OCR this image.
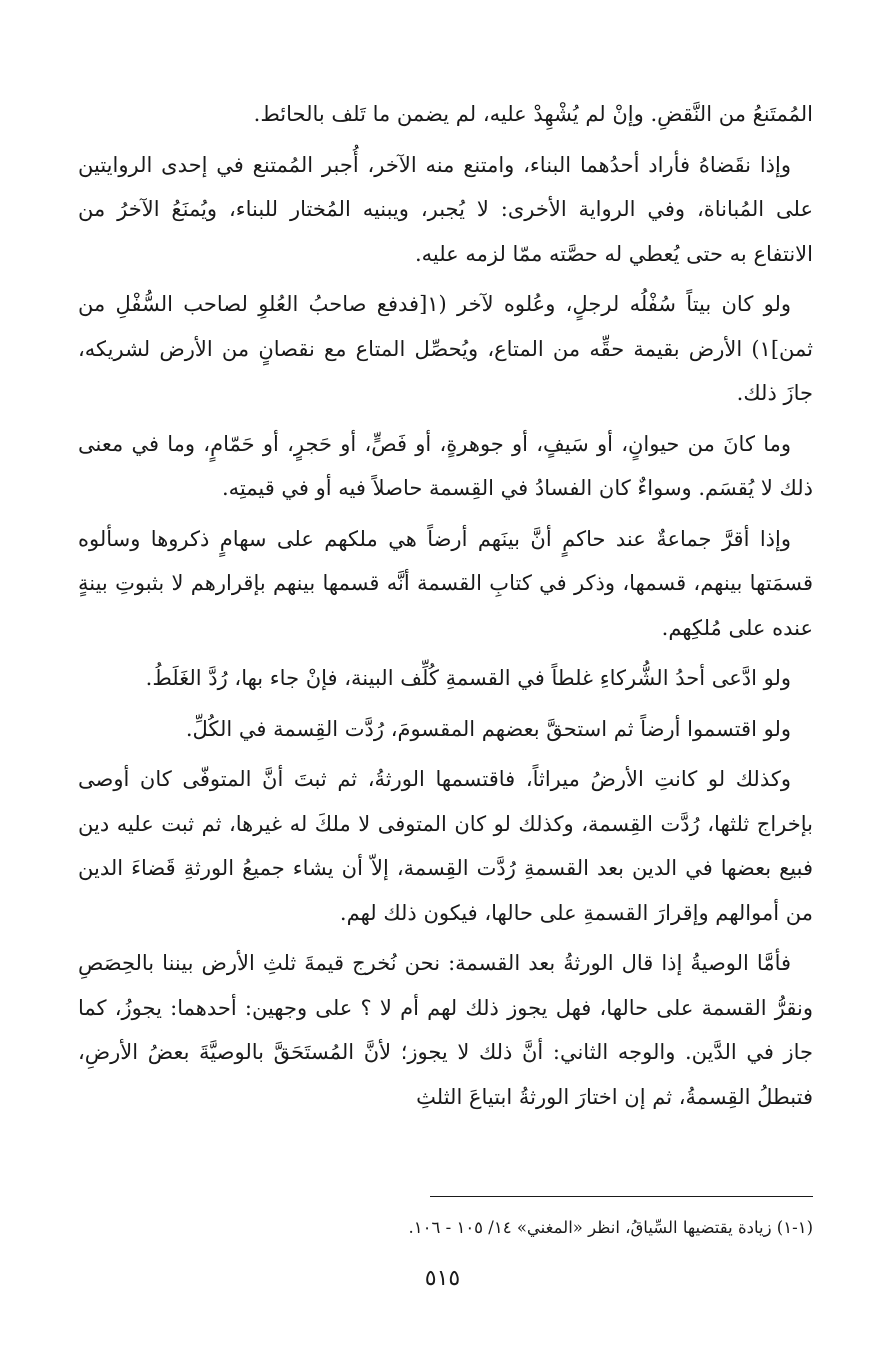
المُمتَنعُ من النَّقضِ. وإنْ لم يُشْهِدْ عليه، لم يضمن ما تَلف بالحائط.

وإذا نقَضاهُ فأراد أحدُهما البناء، وامتنع منه الآخر، أُجبر المُمتنع في إحدى الروايتين على المُباناة، وفي الرواية الأخرى: لا يُجبر، ويبنيه المُختار للبناء، ويُمنَعُ الآخرُ من الانتفاع به حتى يُعطي له حصَّته ممّا لزمه عليه.

ولو كان بيتاً سُفْلُه لرجلٍ، وعُلوه لآخر (١[فدفع صاحبُ العُلوِ لصاحب السُّفْلِ من ثمن]١) الأرض بقيمة حقِّه من المتاع، ويُحصِّل المتاع مع نقصانٍ من الأرض لشريكه، جازَ ذلك.

وما كانَ من حيوانٍ، أو سَيفٍ، أو جوهرةٍ، أو فَصٍّ، أو حَجرٍ، أو حَمّامٍ، وما في معنى ذلك لا يُقسَم. وسواءٌ كان الفسادُ في القِسمة حاصلاً فيه أو في قيمتِه.

وإذا أقرَّ جماعةٌ عند حاكمٍ أنَّ بينَهم أرضاً هي ملكهم على سهامٍ ذكروها وسألوه قسمَتها بينهم، قسمها، وذكر في كتابِ القسمة أنَّه قسمها بينهم بإقرارهم لا بثبوتِ بينةٍ عنده على مُلكِهم.

ولو ادَّعى أحدُ الشُّركاءِ غلطاً في القسمةِ كُلِّف البينة، فإنْ جاء بها، رُدَّ الغَلَطُ.

ولو اقتسموا أرضاً ثم استحقَّ بعضهم المقسومَ، رُدَّت القِسمة في الكُلِّ.

وكذلك لو كانتِ الأرضُ ميراثاً، فاقتسمها الورثةُ، ثم ثبتَ أنَّ المتوفّى كان أوصى بإخراج ثلثها، رُدَّت القِسمة، وكذلك لو كان المتوفى لا ملكَ له غيرها، ثم ثبت عليه دين فبيع بعضها في الدين بعد القسمةِ رُدَّت القِسمة، إلاّ أن يشاء جميعُ الورثةِ قَضاءَ الدين من أموالهم وإقرارَ القسمةِ على حالها، فيكون ذلك لهم.

فأمَّا الوصيةُ إذا قال الورثةُ بعد القسمة: نحن نُخرج قيمةَ ثلثِ الأرض بيننا بالحِصَصِ ونقرُّ القسمة على حالها، فهل يجوز ذلك لهم أم لا ؟ على وجهين: أحدهما: يجوزُ، كما جاز في الدَّين. والوجه الثاني: أنَّ ذلك لا يجوز؛ لأنَّ المُستَحَقَّ بالوصيَّةَ بعضُ الأرضِ، فتبطلُ القِسمةُ، ثم إن اختارَ الورثةُ ابتياعَ الثلثِ

(١-١) زيادة يقتضيها السِّياقُ، انظر «المغني» ١٤/ ١٠٥ - ١٠٦.
٥١٥
